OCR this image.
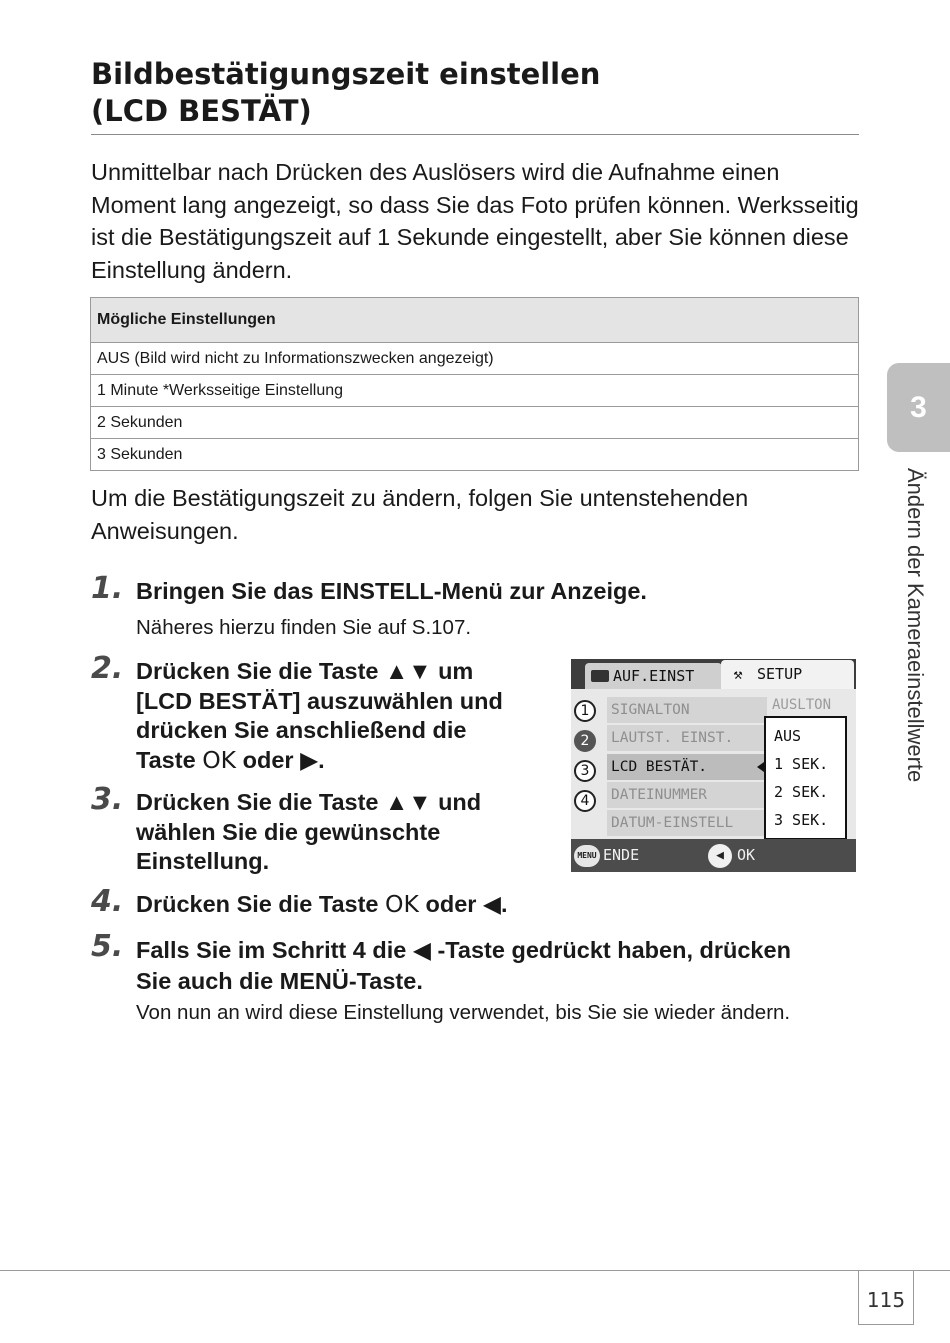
Bildbestätigungszeit einstellen
(LCD BESTÄT)

Unmittelbar nach Drücken des Auslösers wird die Aufnahme einen Moment lang angezeigt, so dass Sie das Foto prüfen können. Werksseitig ist die Bestätigungszeit auf 1 Sekunde eingestellt, aber Sie können diese Einstellung ändern.

Mögliche Einstellungen
AUS (Bild wird nicht zu Informationszwecken angezeigt)
1 Minute *Werksseitige Einstellung
2 Sekunden
3 Sekunden

Um die Bestätigungszeit zu ändern, folgen Sie untenstehenden Anweisungen.

1. Bringen Sie das EINSTELL-Menü zur Anzeige.
Näheres hierzu finden Sie auf S.107.
2. Drücken Sie die Taste ▲▼ um
[LCD BESTÄT] auszuwählen und
drücken Sie anschließend die
Taste OK oder ▶.
3. Drücken Sie die Taste ▲▼ und
wählen Sie die gewünschte
Einstellung.
4. Drücken Sie die Taste OK oder ◀.
5. Falls Sie im Schritt 4 die ◀ -Taste gedrückt haben, drücken
Sie auch die MENÜ-Taste.
Von nun an wird diese Einstellung verwendet, bis Sie sie wieder ändern.
AUF.EINST	⚒ SETUP
1
2
3
4
SIGNALTON
LAUTST. EINST.
LCD BESTÄT.
DATEINUMMER
DATUM-EINSTELL
AUSLTON
AUS
1 SEK.
2 SEK.
3 SEK.
MENU ENDE	◀ OK
3
Ändern der Kameraeinstellwerte
115
